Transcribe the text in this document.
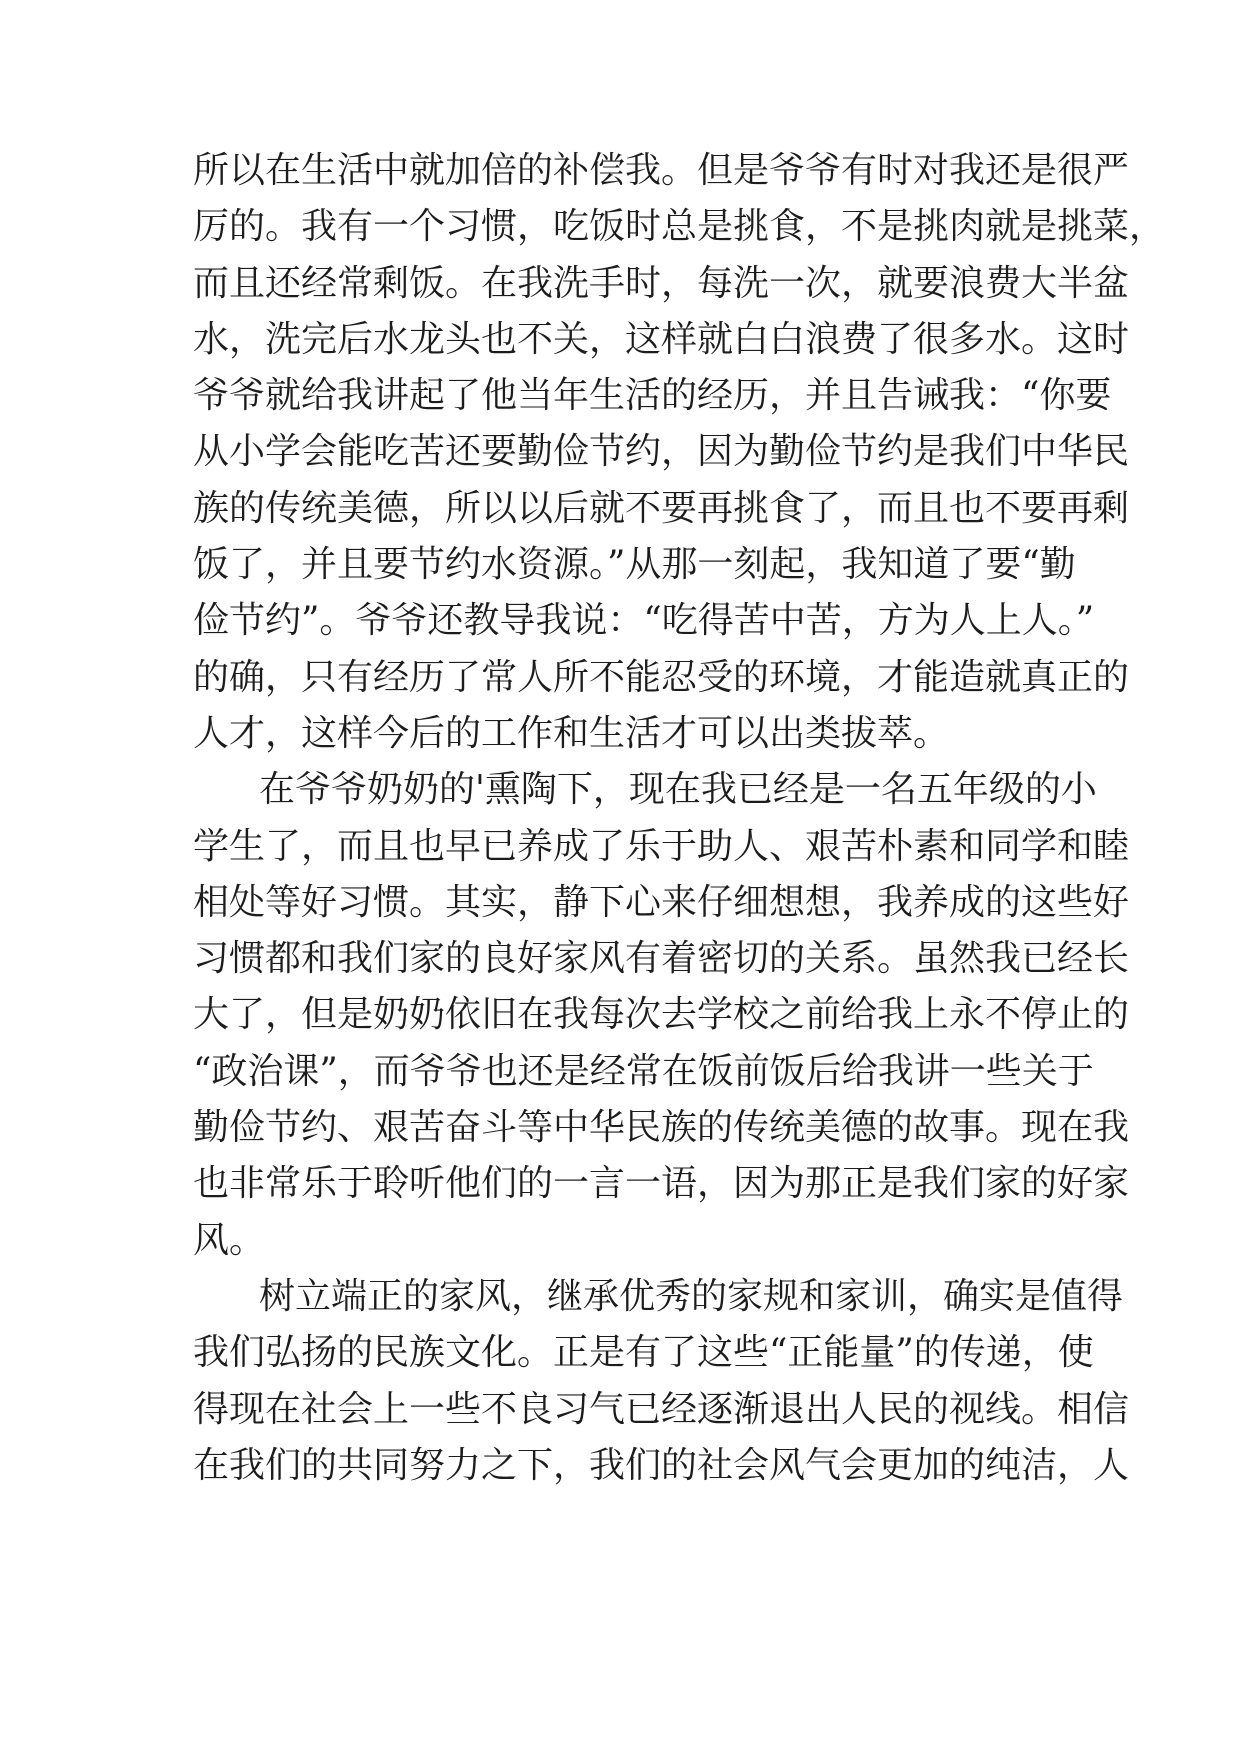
所以在生活中就加倍的补偿我。但是爷爷有时对我还是很严
厉的。我有一个习惯，吃饭时总是挑食，不是挑肉就是挑菜，
而且还经常剩饭。在我洗手时，每洗一次，就要浪费大半盆
水，洗完后水龙头也不关，这样就白白浪费了很多水。这时
爷爷就给我讲起了他当年生活的经历，并且告诫我：“你要
从小学会能吃苦还要勤俭节约，因为勤俭节约是我们中华民
族的传统美德，所以以后就不要再挑食了，而且也不要再剩
饭了，并且要节约水资源。”从那一刻起，我知道了要“勤
俭节约”。爷爷还教导我说：“吃得苦中苦，方为人上人。”
的确，只有经历了常人所不能忍受的环境，才能造就真正的
人才，这样今后的工作和生活才可以出类拔萃。
在爷爷奶奶的'熏陶下，现在我已经是一名五年级的小
学生了，而且也早已养成了乐于助人、艰苦朴素和同学和睦
相处等好习惯。其实，静下心来仔细想想，我养成的这些好
习惯都和我们家的良好家风有着密切的关系。虽然我已经长
大了，但是奶奶依旧在我每次去学校之前给我上永不停止的
“政治课”，而爷爷也还是经常在饭前饭后给我讲一些关于
勤俭节约、艰苦奋斗等中华民族的传统美德的故事。现在我
也非常乐于聆听他们的一言一语，因为那正是我们家的好家
风。
树立端正的家风，继承优秀的家规和家训，确实是值得
我们弘扬的民族文化。正是有了这些“正能量”的传递，使
得现在社会上一些不良习气已经逐渐退出人民的视线。相信
在我们的共同努力之下，我们的社会风气会更加的纯洁，人
